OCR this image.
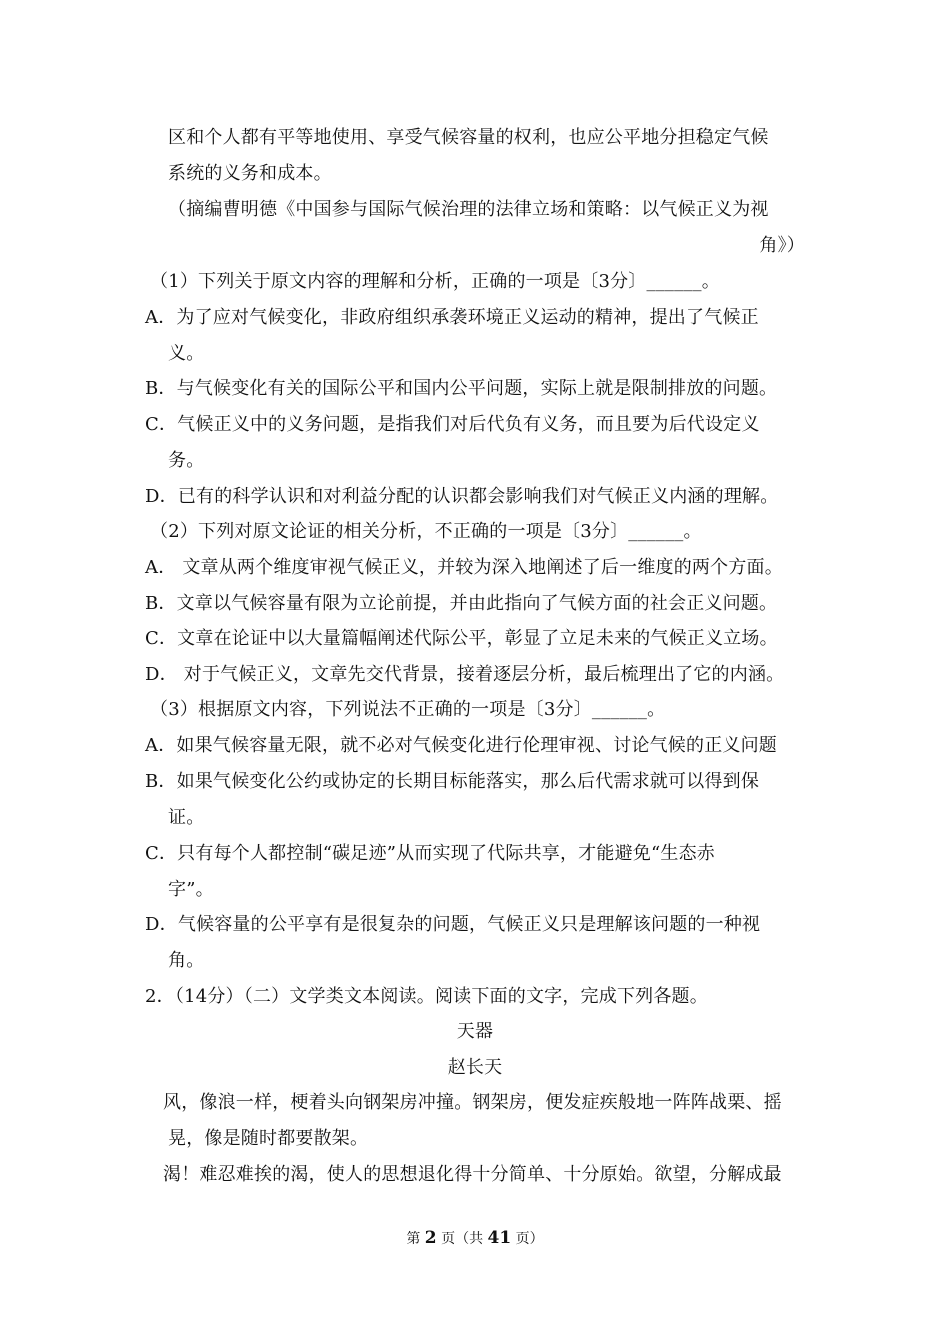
区和个人都有平等地使用、享受气候容量的权利，也应公平地分担稳定气候
系统的义务和成本。
（摘编曹明德《中国参与国际气候治理的法律立场和策略：以气候正义为视
角》）
（1）下列关于原文内容的理解和分析，正确的一项是〔3分〕______。
A．为了应对气候变化，非政府组织承袭环境正义运动的精神，提出了气候正
义。
B．与气候变化有关的国际公平和国内公平问题，实际上就是限制排放的问题。
C．气候正义中的义务问题，是指我们对后代负有义务，而且要为后代设定义
务。
D．已有的科学认识和对利益分配的认识都会影响我们对气候正义内涵的理解。
（2）下列对原文论证的相关分析，不正确的一项是〔3分〕______。
A． 文章从两个维度审视气候正义，并较为深入地阐述了后一维度的两个方面。
B．文章以气候容量有限为立论前提，并由此指向了气候方面的社会正义问题。
C．文章在论证中以大量篇幅阐述代际公平，彰显了立足未来的气候正义立场。
D． 对于气候正义，文章先交代背景，接着逐层分析，最后梳理出了它的内涵。
（3）根据原文内容，下列说法不正确的一项是〔3分〕______。
A．如果气候容量无限，就不必对气候变化进行伦理审视、讨论气候的正义问题
B．如果气候变化公约或协定的长期目标能落实，那么后代需求就可以得到保
证。
C．只有每个人都控制“碳足迹”从而实现了代际共享，才能避免“生态赤
字”。
D．气候容量的公平享有是很复杂的问题，气候正义只是理解该问题的一种视
角。
2．（14分）（二）文学类文本阅读。阅读下面的文字，完成下列各题。
天器
赵长天
风，像浪一样，梗着头向钢架房冲撞。钢架房，便发症疾般地一阵阵战栗、摇
晃，像是随时都要散架。
渴！难忍难挨的渴，使人的思想退化得十分简单、十分原始。欲望，分解成最
第 2 页（共 41 页）
